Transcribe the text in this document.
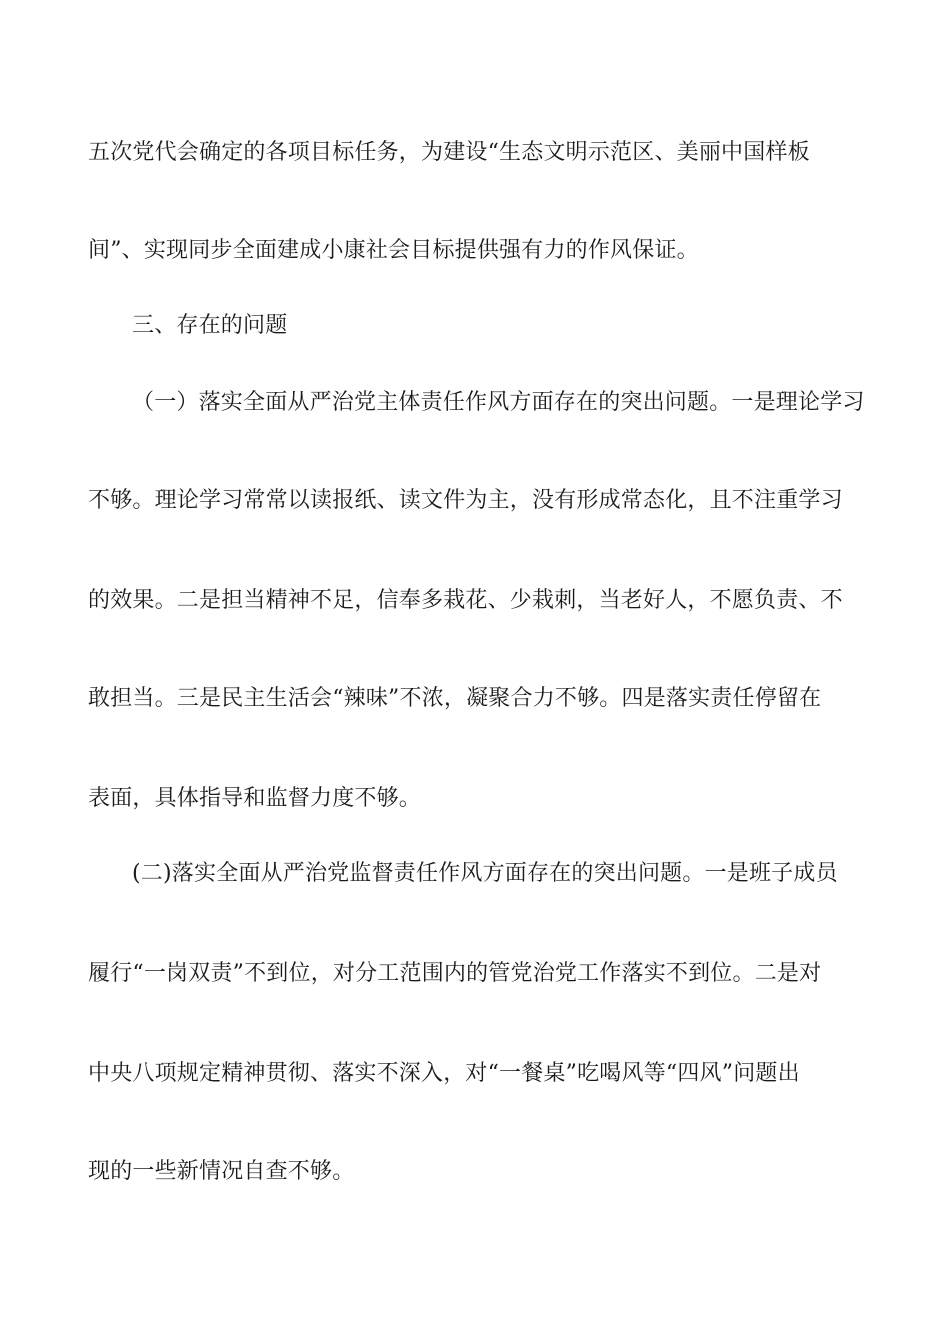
五次党代会确定的各项目标任务，为建设“生态文明示范区、美丽中国样板
间”、实现同步全面建成小康社会目标提供强有力的作风保证。
三、存在的问题
（一）落实全面从严治党主体责任作风方面存在的突出问题。一是理论学习
不够。理论学习常常以读报纸、读文件为主，没有形成常态化，且不注重学习
的效果。二是担当精神不足，信奉多栽花、少栽刺，当老好人，不愿负责、不
敢担当。三是民主生活会“辣味”不浓，凝聚合力不够。四是落实责任停留在
表面，具体指导和监督力度不够。
(二)落实全面从严治党监督责任作风方面存在的突出问题。一是班子成员
履行“一岗双责”不到位，对分工范围内的管党治党工作落实不到位。二是对
中央八项规定精神贯彻、落实不深入，对“一餐桌”吃喝风等“四风”问题出
现的一些新情况自查不够。
